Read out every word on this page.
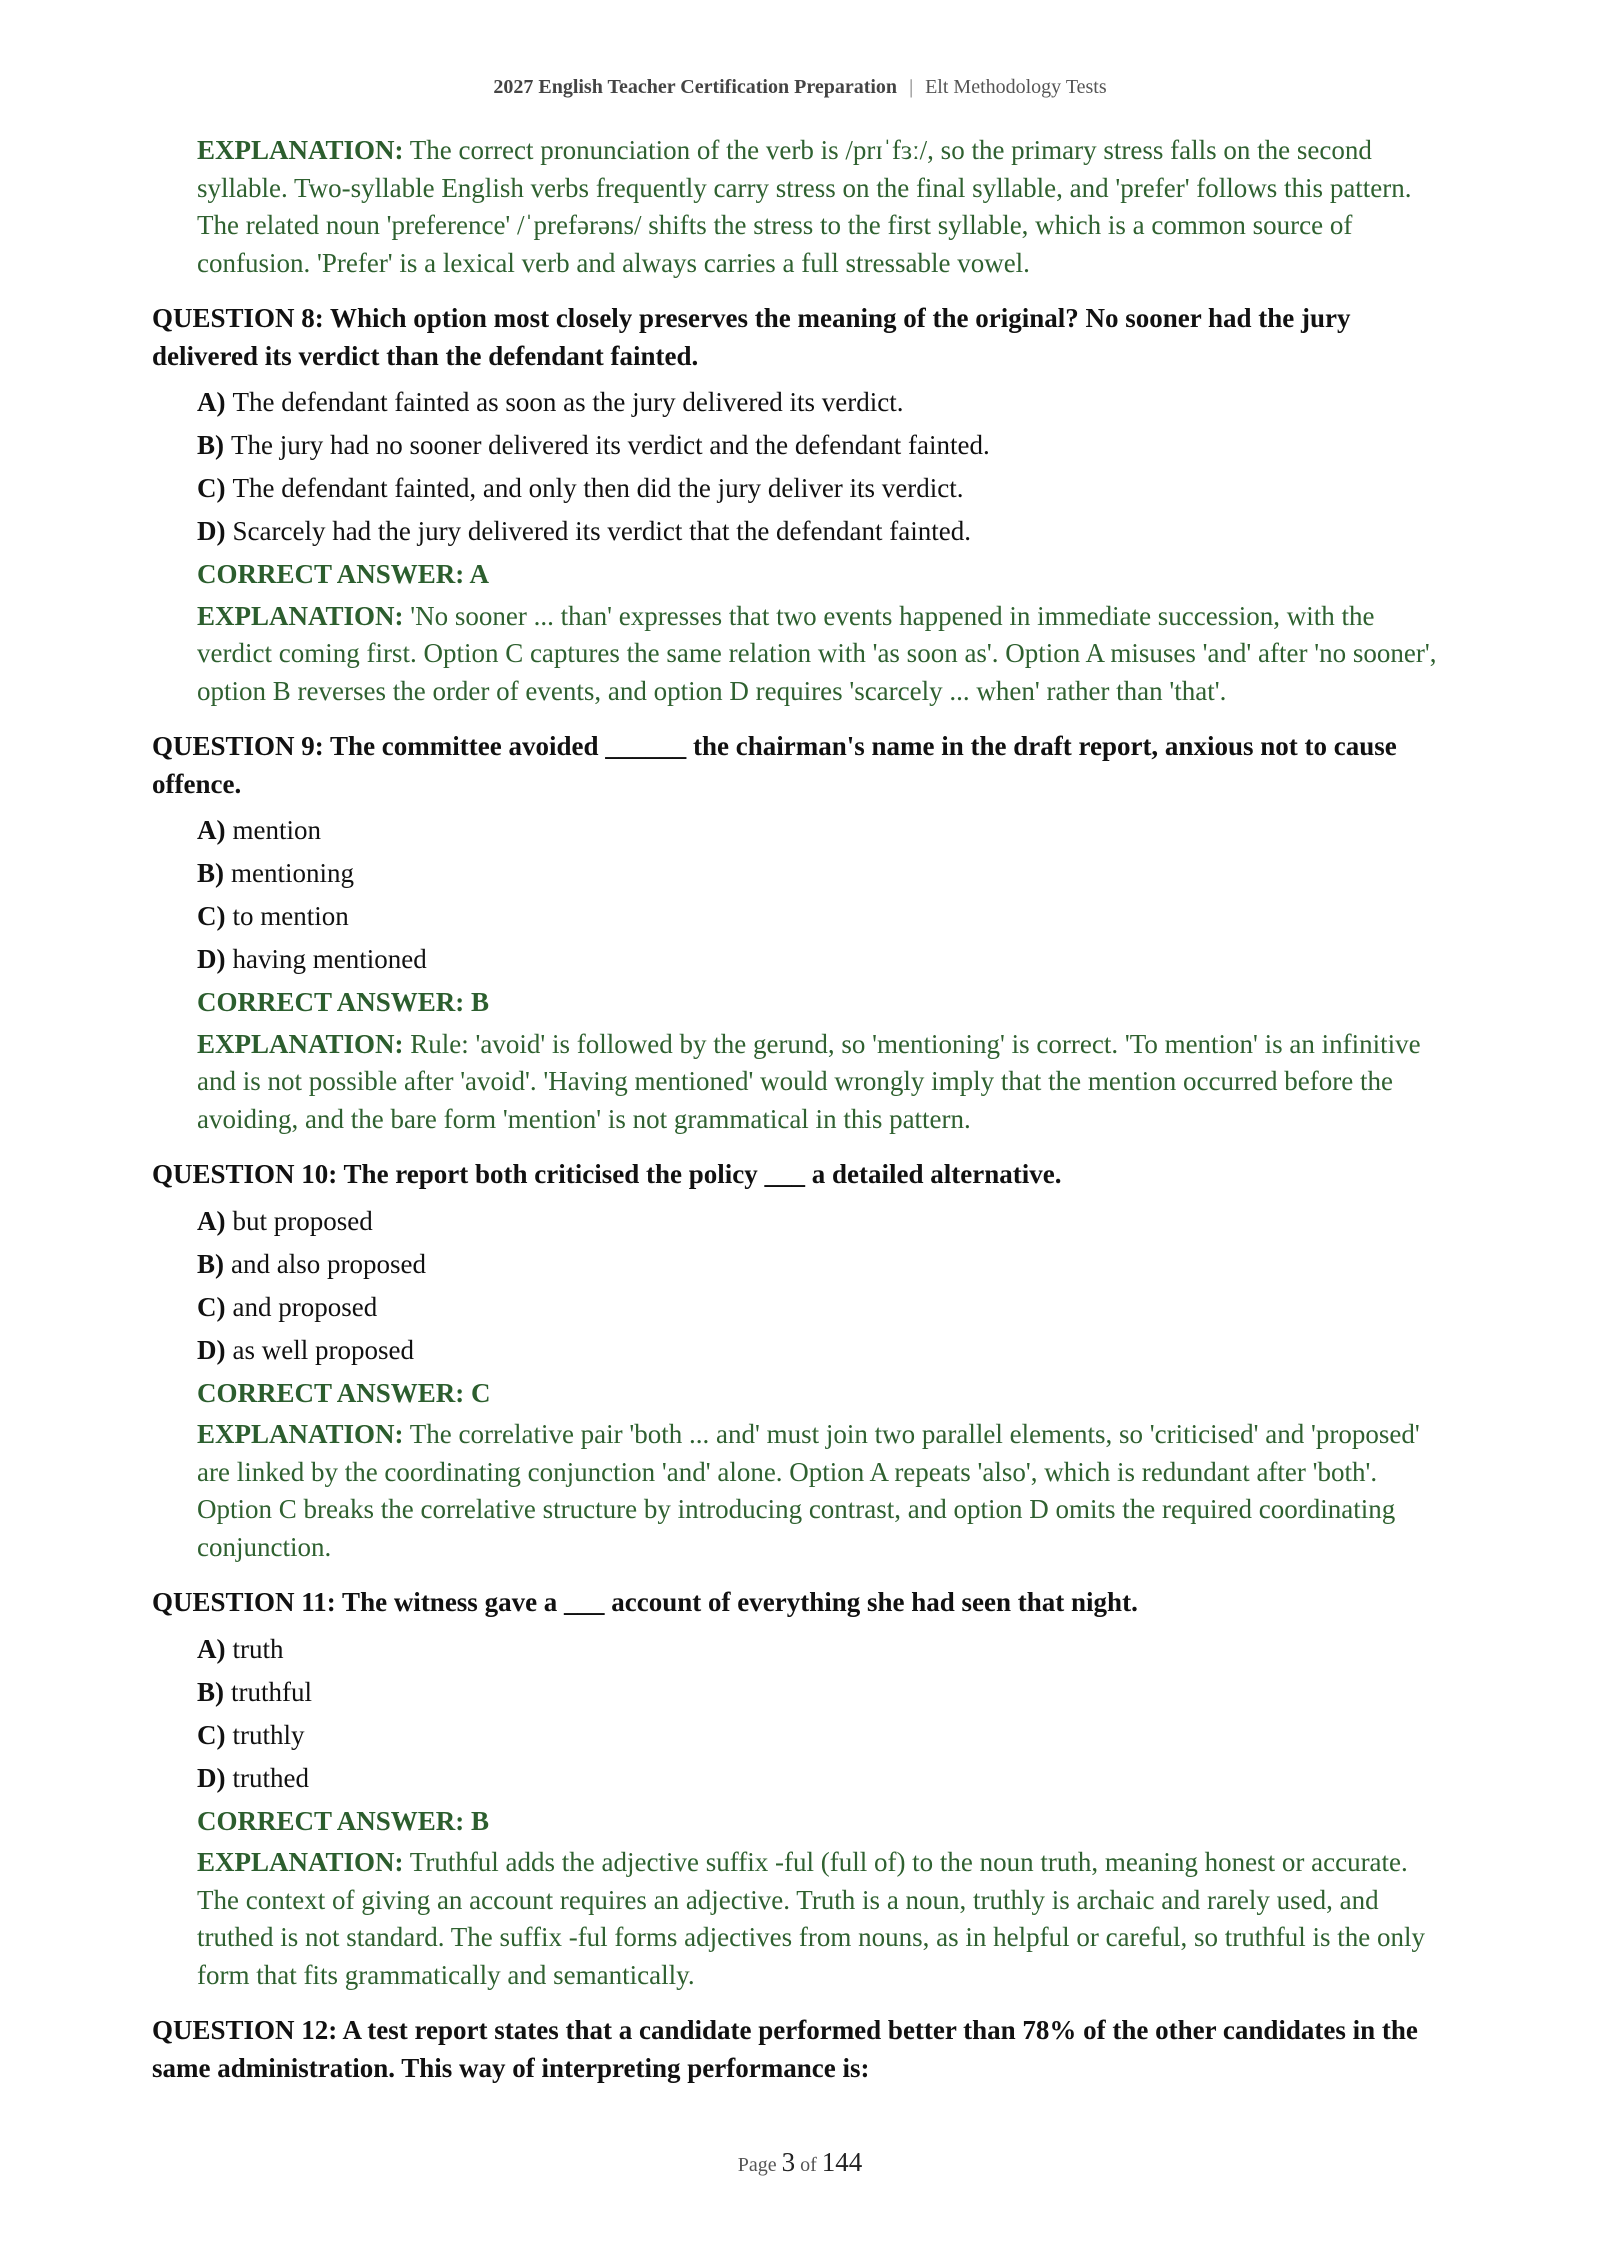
2027 English Teacher Certification Preparation | Elt Methodology Tests
EXPLANATION: The correct pronunciation of the verb is /prɪˈfɜː/, so the primary stress falls on the second syllable. Two-syllable English verbs frequently carry stress on the final syllable, and 'prefer' follows this pattern. The related noun 'preference' /ˈprefərəns/ shifts the stress to the first syllable, which is a common source of confusion. 'Prefer' is a lexical verb and always carries a full stressable vowel.
QUESTION 8: Which option most closely preserves the meaning of the original? No sooner had the jury delivered its verdict than the defendant fainted.
A) The defendant fainted as soon as the jury delivered its verdict.
B) The jury had no sooner delivered its verdict and the defendant fainted.
C) The defendant fainted, and only then did the jury deliver its verdict.
D) Scarcely had the jury delivered its verdict that the defendant fainted.
CORRECT ANSWER: A
EXPLANATION: 'No sooner ... than' expresses that two events happened in immediate succession, with the verdict coming first. Option C captures the same relation with 'as soon as'. Option A misuses 'and' after 'no sooner', option B reverses the order of events, and option D requires 'scarcely ... when' rather than 'that'.
QUESTION 9: The committee avoided ______ the chairman's name in the draft report, anxious not to cause offence.
A) mention
B) mentioning
C) to mention
D) having mentioned
CORRECT ANSWER: B
EXPLANATION: Rule: 'avoid' is followed by the gerund, so 'mentioning' is correct. 'To mention' is an infinitive and is not possible after 'avoid'. 'Having mentioned' would wrongly imply that the mention occurred before the avoiding, and the bare form 'mention' is not grammatical in this pattern.
QUESTION 10: The report both criticised the policy ___ a detailed alternative.
A) but proposed
B) and also proposed
C) and proposed
D) as well proposed
CORRECT ANSWER: C
EXPLANATION: The correlative pair 'both ... and' must join two parallel elements, so 'criticised' and 'proposed' are linked by the coordinating conjunction 'and' alone. Option A repeats 'also', which is redundant after 'both'. Option C breaks the correlative structure by introducing contrast, and option D omits the required coordinating conjunction.
QUESTION 11: The witness gave a ___ account of everything she had seen that night.
A) truth
B) truthful
C) truthly
D) truthed
CORRECT ANSWER: B
EXPLANATION: Truthful adds the adjective suffix -ful (full of) to the noun truth, meaning honest or accurate. The context of giving an account requires an adjective. Truth is a noun, truthly is archaic and rarely used, and truthed is not standard. The suffix -ful forms adjectives from nouns, as in helpful or careful, so truthful is the only form that fits grammatically and semantically.
QUESTION 12: A test report states that a candidate performed better than 78% of the other candidates in the same administration. This way of interpreting performance is:
Page 3 of 144
